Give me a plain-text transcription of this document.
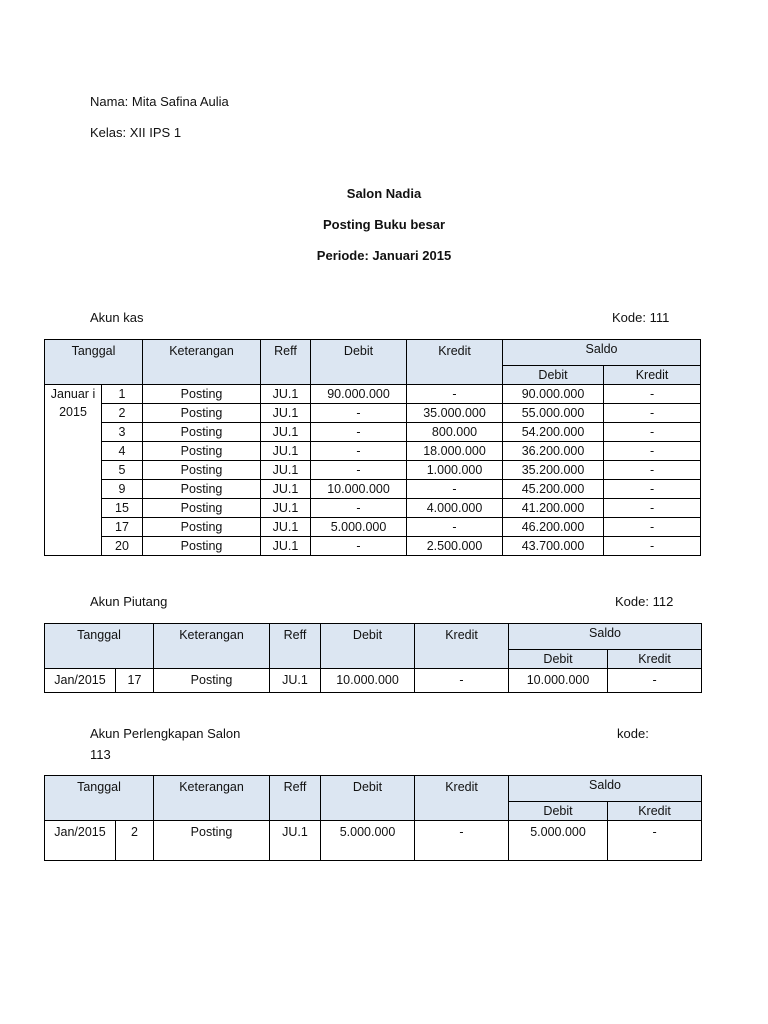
Nama: Mita Safina Aulia
Kelas: XII IPS 1
Salon Nadia
Posting Buku besar
Periode: Januari 2015
Akun kas	Kode: 111
Tanggal		Keterangan	Reff	Debit	Kredit	Saldo	
						Debit	Kredit
Januar i 2015	1	Posting	JU.1	90.000.000	-	90.000.000	-
	2	Posting	JU.1	-	35.000.000	55.000.000	-
	3	Posting	JU.1	-	800.000	54.200.000	-
	4	Posting	JU.1	-	18.000.000	36.200.000	-
	5	Posting	JU.1	-	1.000.000	35.200.000	-
	9	Posting	JU.1	10.000.000	-	45.200.000	-
	15	Posting	JU.1	-	4.000.000	41.200.000	-
	17	Posting	JU.1	5.000.000	-	46.200.000	-
	20	Posting	JU.1	-	2.500.000	43.700.000	-
Akun Piutang	Kode: 112
Tanggal		Keterangan	Reff	Debit	Kredit	Saldo	
						Debit	Kredit
Jan/2015	17	Posting	JU.1	10.000.000	-	10.000.000	-
Akun Perlengkapan Salon	kode:
113
Tanggal		Keterangan	Reff	Debit	Kredit	Saldo	
						Debit	Kredit
Jan/2015	2	Posting	JU.1	5.000.000	-	5.000.000	-
